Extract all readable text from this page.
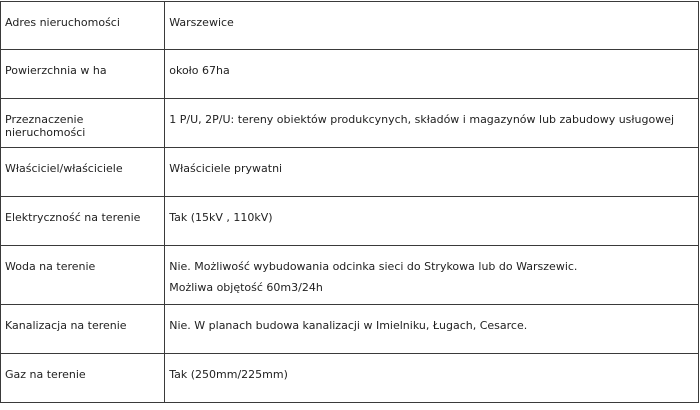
Adres nieruchomości	Warszewice

Powierzchnia w ha	około 67ha

Przeznaczenie nieruchomości	1 P/U, 2P/U: tereny obiektów produkcynych, składów i magazynów lub zabudowy usługowej

Właściciel/właściciele	Właściciele prywatni

Elektryczność na terenie	Tak (15kV , 110kV)

Woda na terenie	Nie. Możliwość wybudowania odcinka sieci do Strykowa lub do Warszewic.
Możliwa objętość 60m3/24h

Kanalizacja na terenie	Nie. W planach budowa kanalizacji w Imielniku, Ługach, Cesarce.

Gaz na terenie	Tak (250mm/225mm)
